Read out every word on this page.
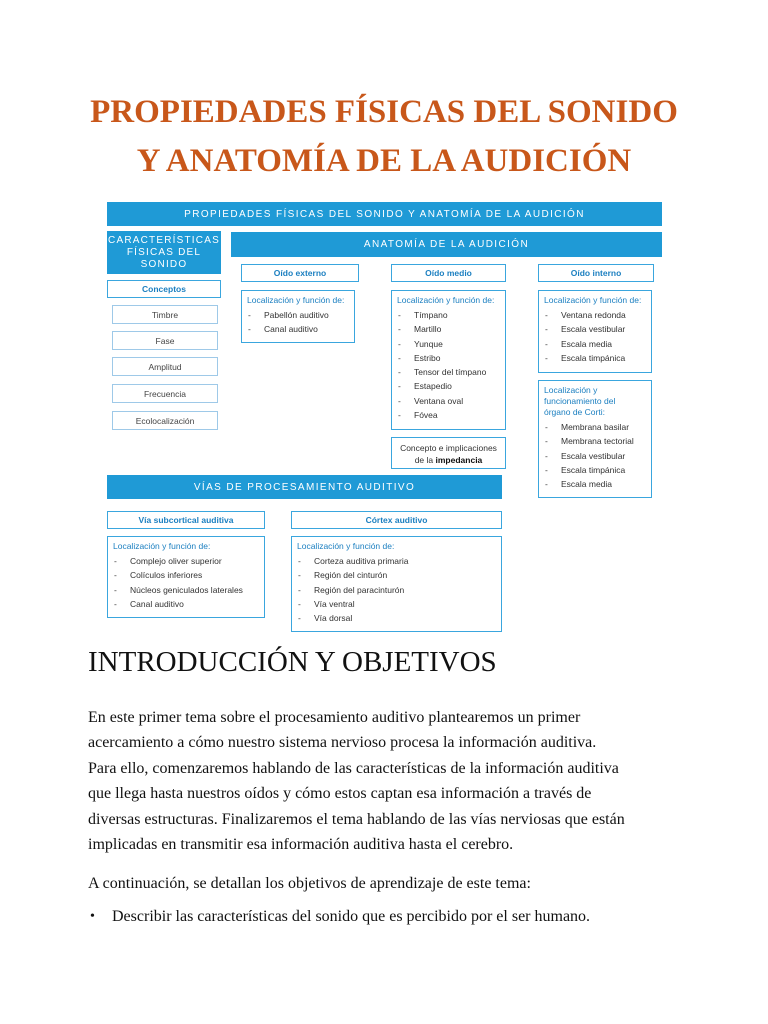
PROPIEDADES FÍSICAS DEL SONIDO
Y ANATOMÍA DE LA AUDICIÓN
PROPIEDADES FÍSICAS DEL SONIDO Y ANATOMÍA DE LA AUDICIÓN
CARACTERÍSTICAS
FÍSICAS DEL
SONIDO
Conceptos
Timbre
Fase
Amplitud
Frecuencia
Ecolocalización
ANATOMÍA DE LA AUDICIÓN
Oído externo
Localización y función de:
- Pabellón auditivo
- Canal auditivo
Oído medio
Localización y función de:
- Tímpano
- Martillo
- Yunque
- Estribo
- Tensor del tímpano
- Estapedio
- Ventana oval
- Fóvea
Concepto e implicaciones de la impedancia
Oído interno
Localización y función de:
- Ventana redonda
- Escala vestibular
- Escala media
- Escala timpánica
Localización y
funcionamiento del
órgano de Corti:
- Membrana basilar
- Membrana tectorial
- Escala vestibular
- Escala timpánica
- Escala media
VÍAS DE PROCESAMIENTO AUDITIVO
Vía subcortical auditiva
Localización y función de:
- Complejo oliver superior
- Colículos inferiores
- Núcleos geniculados laterales
- Canal auditivo
Córtex auditivo
Localización y función de:
- Corteza auditiva primaria
- Región del cinturón
- Región del paracinturón
- Vía ventral
- Vía dorsal
INTRODUCCIÓN Y OBJETIVOS

En este primer tema sobre el procesamiento auditivo plantearemos un primer
acercamiento a cómo nuestro sistema nervioso procesa la información auditiva.
Para ello, comenzaremos hablando de las características de la información auditiva
que llega hasta nuestros oídos y cómo estos captan esa información a través de
diversas estructuras. Finalizaremos el tema hablando de las vías nerviosas que están
implicadas en transmitir esa información auditiva hasta el cerebro.

A continuación, se detallan los objetivos de aprendizaje de este tema:

• Describir las características del sonido que es percibido por el ser humano.
